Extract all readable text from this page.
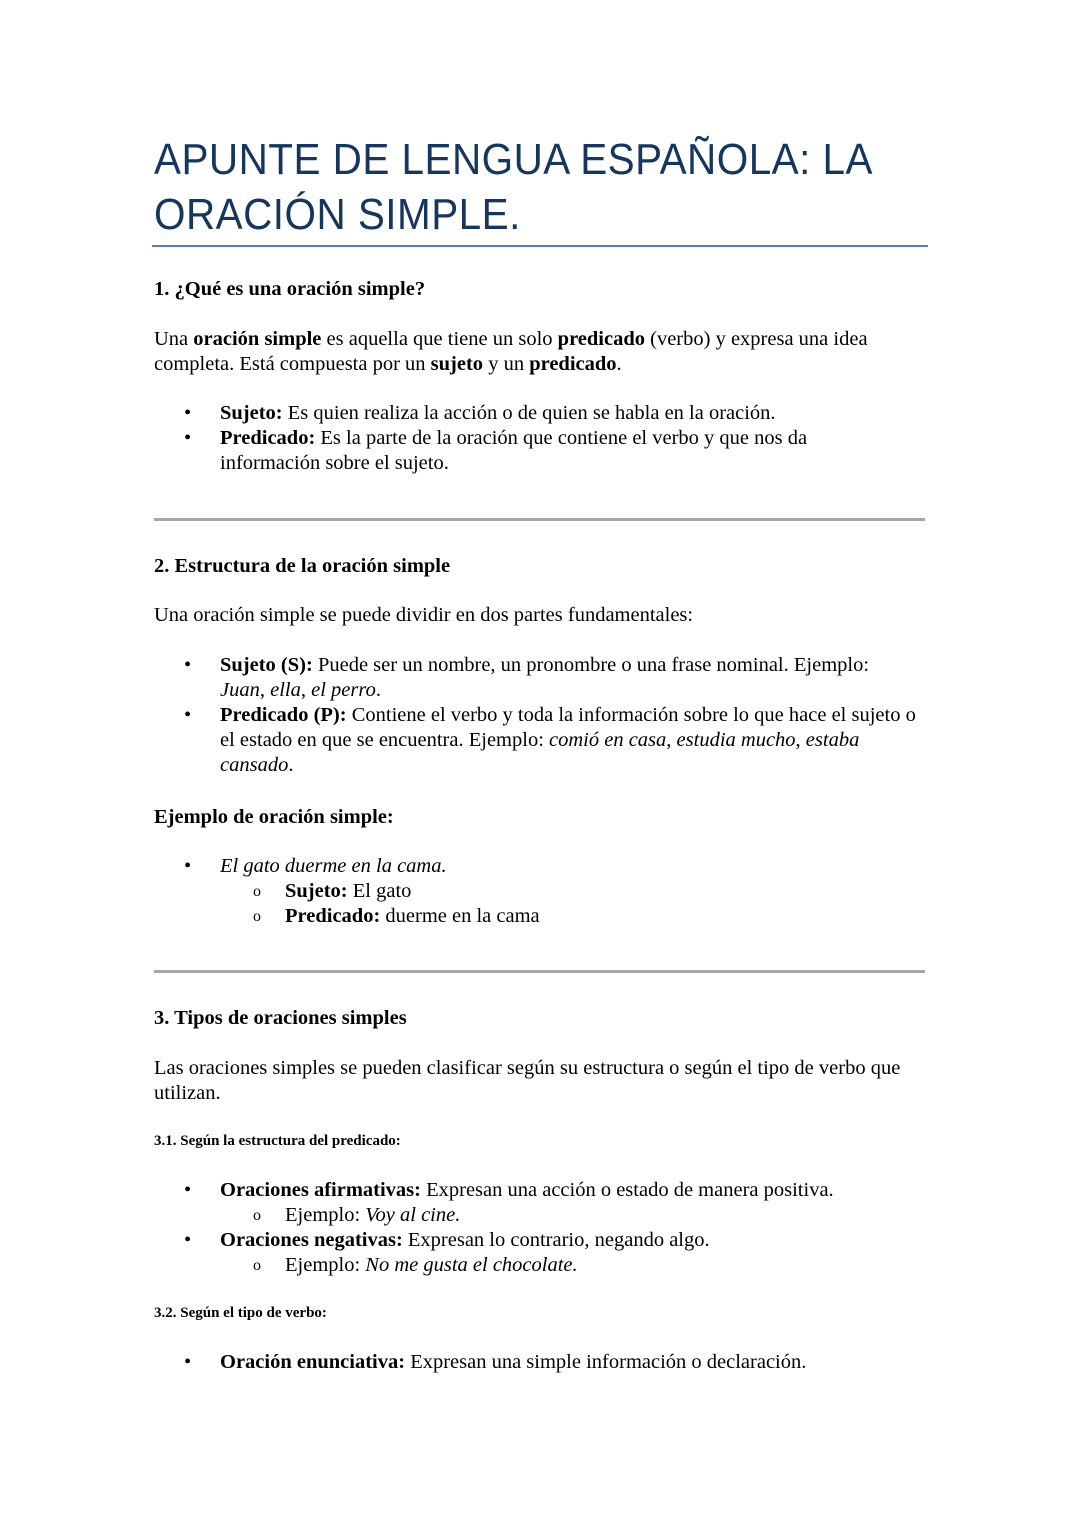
APUNTE DE LENGUA ESPAÑOLA: LA
ORACIÓN SIMPLE.
1. ¿Qué es una oración simple?
Una oración simple es aquella que tiene un solo predicado (verbo) y expresa una idea completa. Está compuesta por un sujeto y un predicado.
• Sujeto: Es quien realiza la acción o de quien se habla en la oración.
• Predicado: Es la parte de la oración que contiene el verbo y que nos da información sobre el sujeto.
2. Estructura de la oración simple
Una oración simple se puede dividir en dos partes fundamentales:
• Sujeto (S): Puede ser un nombre, un pronombre o una frase nominal. Ejemplo: Juan, ella, el perro.
• Predicado (P): Contiene el verbo y toda la información sobre lo que hace el sujeto o el estado en que se encuentra. Ejemplo: comió en casa, estudia mucho, estaba cansado.
Ejemplo de oración simple:
• El gato duerme en la cama.
o Sujeto: El gato
o Predicado: duerme en la cama
3. Tipos de oraciones simples
Las oraciones simples se pueden clasificar según su estructura o según el tipo de verbo que utilizan.
3.1. Según la estructura del predicado:
• Oraciones afirmativas: Expresan una acción o estado de manera positiva.
o Ejemplo: Voy al cine.
• Oraciones negativas: Expresan lo contrario, negando algo.
o Ejemplo: No me gusta el chocolate.
3.2. Según el tipo de verbo:
• Oración enunciativa: Expresan una simple información o declaración.
